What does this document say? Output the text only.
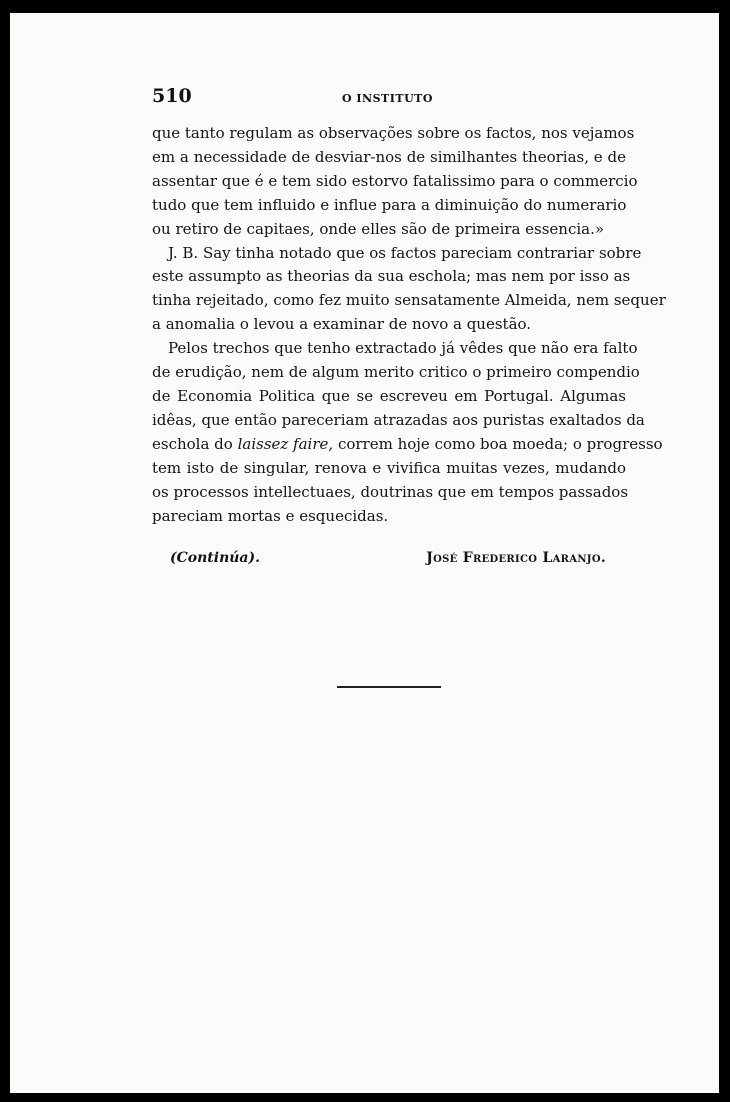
510	O INSTITUTO
que tanto regulam as observações sobre os factos, nos vejamos
em a necessidade de desviar-nos de similhantes theorias, e de
assentar que é e tem sido estorvo fatalissimo para o commercio
tudo que tem influido e influe para a diminuição do numerario
ou retiro de capitaes, onde elles são de primeira essencia.»
J. B. Say tinha notado que os factos pareciam contrariar sobre
este assumpto as theorias da sua eschola; mas nem por isso as
tinha rejeitado, como fez muito sensatamente Almeida, nem sequer
a anomalia o levou a examinar de novo a questão.
Pelos trechos que tenho extractado já vêdes que não era falto
de erudição, nem de algum merito critico o primeiro compendio
de Economia Politica que se escreveu em Portugal. Algumas
idêas, que então pareceriam atrazadas aos puristas exaltados da
eschola do laissez faire, correm hoje como boa moeda; o progresso
tem isto de singular, renova e vivifica muitas vezes, mudando
os processos intellectuaes, doutrinas que em tempos passados
pareciam mortas e esquecidas.
(Continúa).	José Frederico Laranjo.
